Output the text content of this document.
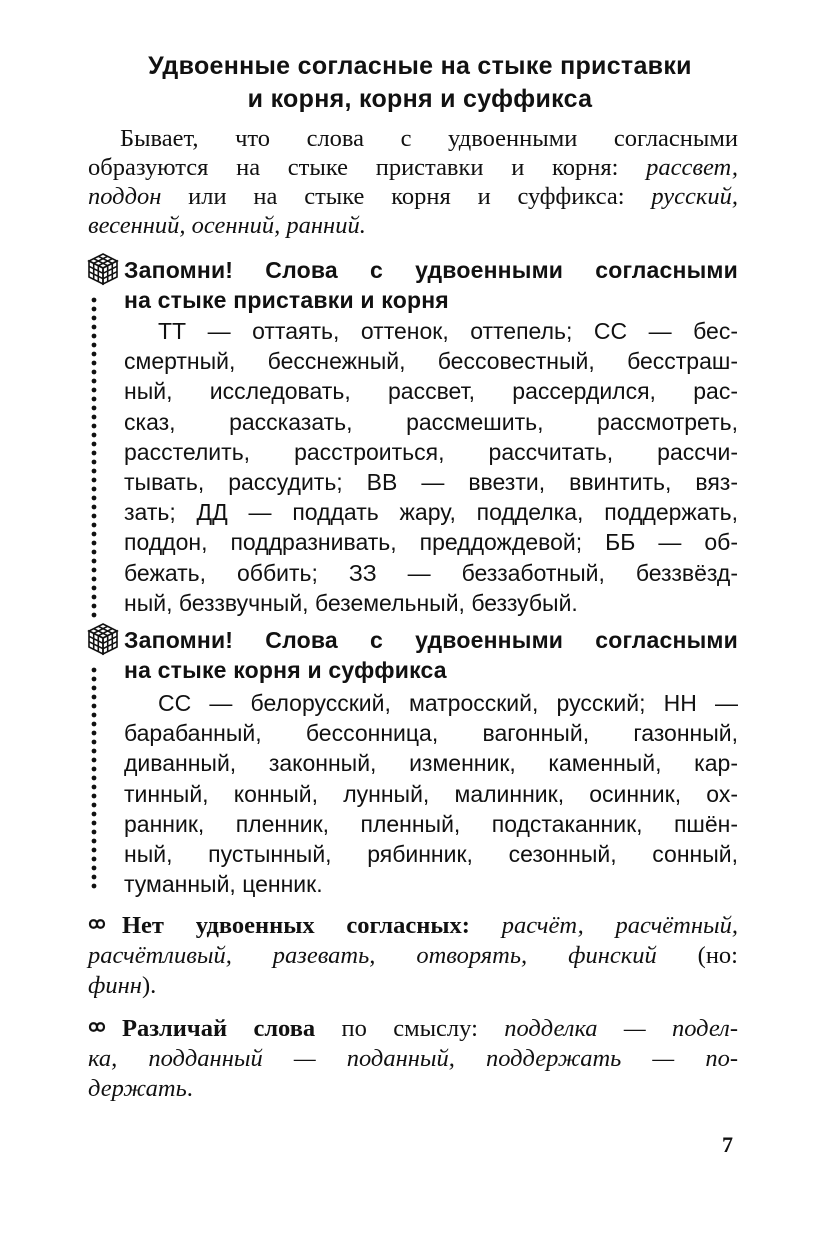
Удвоенные согласные на стыке приставки
и корня, корня и суффикса
Бывает, что слова с удвоенными согласными
образуются на стыке приставки и корня: рассвет,
поддон или на стыке корня и суффикса: русский,
весенний, осенний, ранний.
Запомни! Слова с удвоенными согласными
на стыке приставки и корня
ТТ — оттаять, оттенок, оттепель; СС — бес-
смертный, бесснежный, бессовестный, бесстраш-
ный, исследовать, рассвет, рассердился, рас-
сказ, рассказать, рассмешить, рассмотреть,
расстелить, расстроиться, рассчитать, рассчи-
тывать, рассудить; ВВ — ввезти, ввинтить, вяз-
зать; ДД — поддать жару, подделка, поддержать,
поддон, поддразнивать, преддождевой; ББ — об-
бежать, оббить; ЗЗ — беззаботный, беззвёзд-
ный, беззвучный, беземельный, беззубый.
Запомни! Слова с удвоенными согласными
на стыке корня и суффикса
СС — белорусский, матросский, русский; НН —
барабанный, бессонница, вагонный, газонный,
диванный, законный, изменник, каменный, кар-
тинный, конный, лунный, малинник, осинник, ох-
ранник, пленник, пленный, подстаканник, пшён-
ный, пустынный, рябинник, сезонный, сонный,
туманный, ценник.
Нет удвоенных согласных: расчёт, расчётный,
расчётливый, разевать, отворять, финский (но:
финн).
Различай слова по смыслу: подделка — подел-
ка, подданный — поданный, поддержать — по-
держать.
7
